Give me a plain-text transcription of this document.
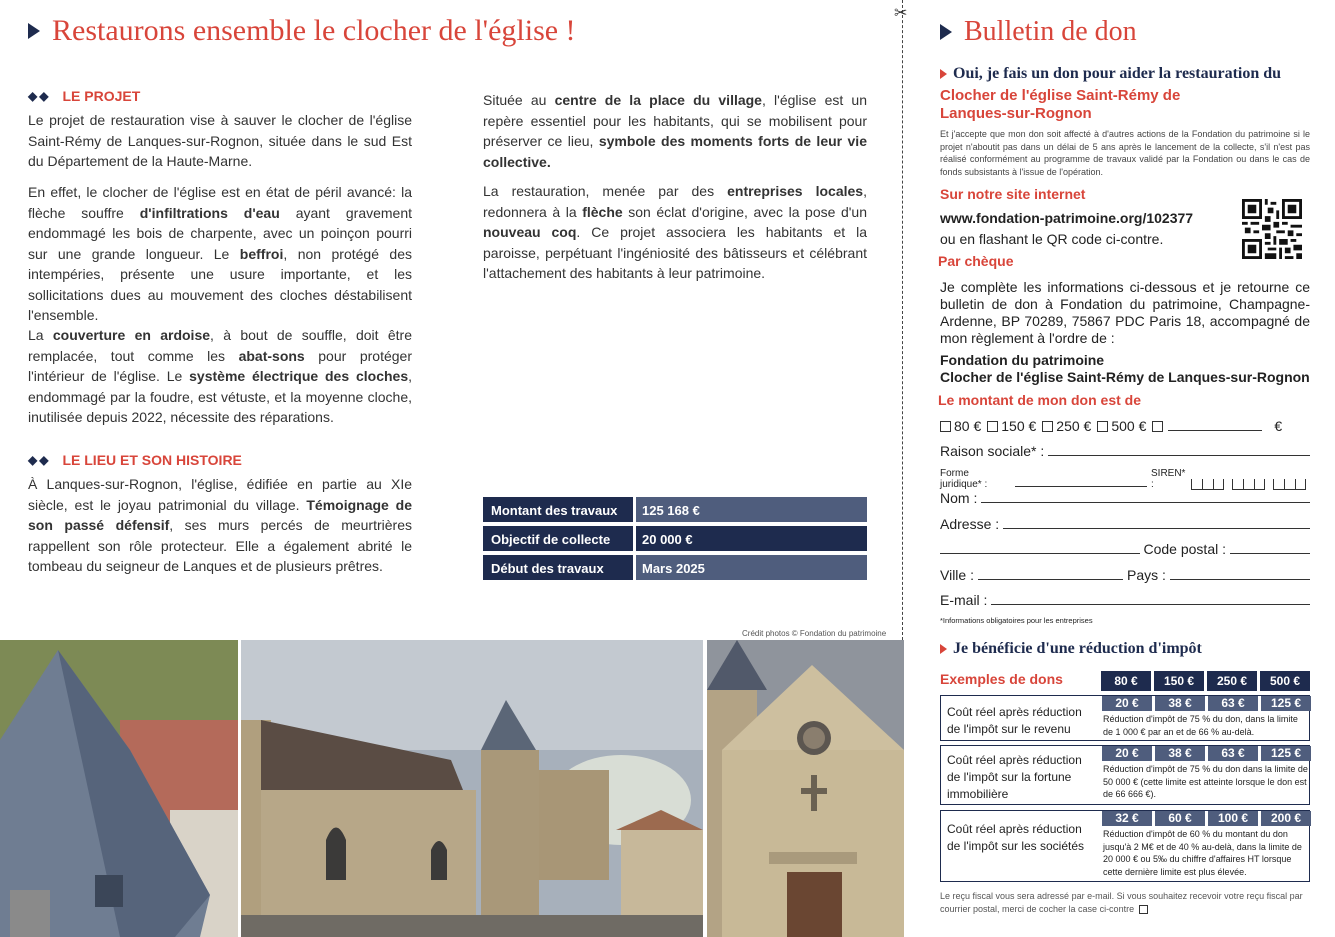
Restaurons ensemble le clocher de l'église !
◆◆ LE PROJET
Le projet de restauration vise à sauver le clocher de l'église Saint-Rémy de Lanques-sur-Rognon, située dans le sud Est du Département de la Haute-Marne.
En effet, le clocher de l'église est en état de péril avancé: la flèche souffre d'infiltrations d'eau ayant gravement endommagé les bois de charpente, avec un poinçon pourri sur une grande longueur. Le beffroi, non protégé des intempéries, présente une usure importante, et les sollicitations dues au mouvement des cloches déstabilisent l'ensemble.
La couverture en ardoise, à bout de souffle, doit être remplacée, tout comme les abat-sons pour protéger l'intérieur de l'église. Le système électrique des cloches, endommagé par la foudre, est vétuste, et la moyenne cloche, inutilisée depuis 2022, nécessite des réparations.
◆◆ LE LIEU ET SON HISTOIRE
À Lanques-sur-Rognon, l'église, édifiée en partie au XIe siècle, est le joyau patrimonial du village. Témoignage de son passé défensif, ses murs percés de meurtrières rappellent son rôle protecteur. Elle a également abrité le tombeau du seigneur de Lanques et de plusieurs prêtres.
Située au centre de la place du village, l'église est un repère essentiel pour les habitants, qui se mobilisent pour préserver ce lieu, symbole des moments forts de leur vie collective.
La restauration, menée par des entreprises locales, redonnera à la flèche son éclat d'origine, avec la pose d'un nouveau coq. Ce projet associera les habitants et la paroisse, perpétuant l'ingéniosité des bâtisseurs et célébrant l'attachement des habitants à leur patrimoine.
Montant des travaux	125 168 €
Objectif de collecte	20 000 €
Début des travaux	Mars 2025
Crédit photos © Fondation du patrimoine
✂
Bulletin de don
Oui, je fais un don pour aider la restauration du
Clocher de l'église Saint-Rémy de Lanques-sur-Rognon
Et j'accepte que mon don soit affecté à d'autres actions de la Fondation du patrimoine si le projet n'aboutit pas dans un délai de 5 ans après le lancement de la collecte, s'il n'est pas réalisé conformément au programme de travaux validé par la Fondation ou dans le cas de fonds subsistants à l'issue de l'opération.
Sur notre site internet
www.fondation-patrimoine.org/102377
ou en flashant le QR code ci-contre.
Par chèque
Je complète les informations ci-dessous et je retourne ce bulletin de don à Fondation du patrimoine, Champagne-Ardenne, BP 70289, 75867 PDC Paris 18, accompagné de mon règlement à l'ordre de :
Fondation du patrimoine
Clocher de l'église Saint-Rémy de Lanques-sur-Rognon
Le montant de mon don est de
80 € 150 € 250 € 500 €	€
Raison sociale* :
Forme juridique* :
SIREN* :
Nom :
Adresse :
Code postal :
Ville :	Pays :
E-mail :
*Informations obligatoires pour les entreprises
Je bénéficie d'une réduction d'impôt
Exemples de dons	80 €	150 €	250 €	500 €
Coût réel après réduction de l'impôt sur le revenu
20 €	38 €	63 €	125 €
Réduction d'impôt de 75 % du don, dans la limite de 1 000 € par an et de 66 % au-delà.
Coût réel après réduction de l'impôt sur la fortune immobilière
20 €	38 €	63 €	125 €
Réduction d'impôt de 75 % du don dans la limite de 50 000 € (cette limite est atteinte lorsque le don est de 66 666 €).
Coût réel après réduction de l'impôt sur les sociétés
32 €	60 €	100 €	200 €
Réduction d'impôt de 60 % du montant du don jusqu'à 2 M€ et de 40 % au-delà, dans la limite de 20 000 € ou 5‰ du chiffre d'affaires HT lorsque cette dernière limite est plus élevée.
Le reçu fiscal vous sera adressé par e-mail. Si vous souhaitez recevoir votre reçu fiscal par courrier postal, merci de cocher la case ci-contre
